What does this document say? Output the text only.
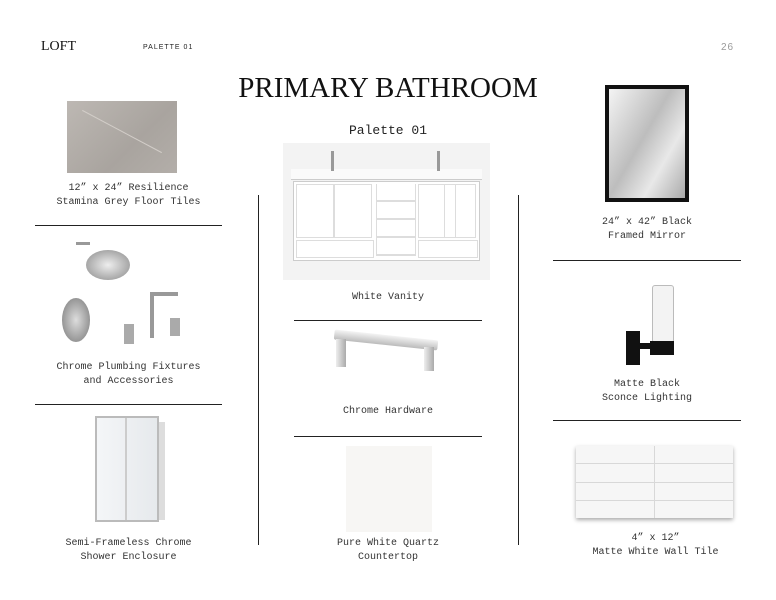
LOFT	PALETTE 01	26
PRIMARY BATHROOM
Palette 01
12” x 24” Resilience
Stamina Grey Floor Tiles
Chrome Plumbing Fixtures
and Accessories
Semi-Frameless Chrome
Shower Enclosure
White Vanity
Chrome Hardware
Pure White Quartz
Countertop
24” x 42” Black
Framed Mirror
Matte Black
Sconce Lighting
4” x 12”
Matte White Wall Tile
